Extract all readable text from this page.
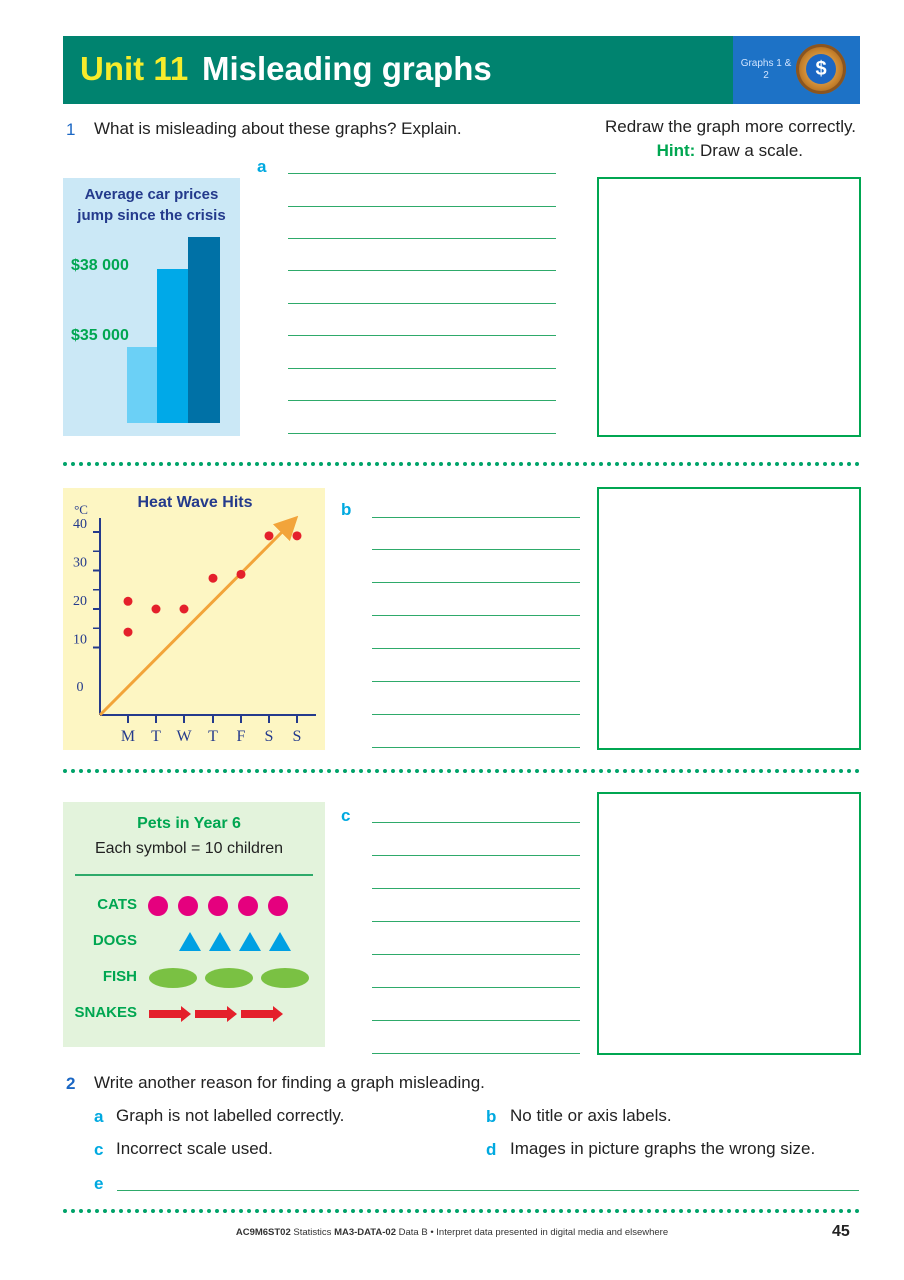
Unit 11 Misleading graphs	Graphs 1 & 2	$
1 What is misleading about these graphs? Explain.	Redraw the graph more correctly.
Hint: Draw a scale.
Average car prices
jump since the crisis
$38 000
$35 000
a
Heat Wave Hits
40
30
20
10
0
°C
M T W T F S S
b
Pets in Year 6
Each symbol = 10 children
CATS
DOGS
FISH
SNAKES
c
2 Write another reason for finding a graph misleading.
a Graph is not labelled correctly.	b No title or axis labels.
c Incorrect scale used.	d Images in picture graphs the wrong size.
e
AC9M6ST02 Statistics MA3-DATA-02 Data B • Interpret data presented in digital media and elsewhere	45
